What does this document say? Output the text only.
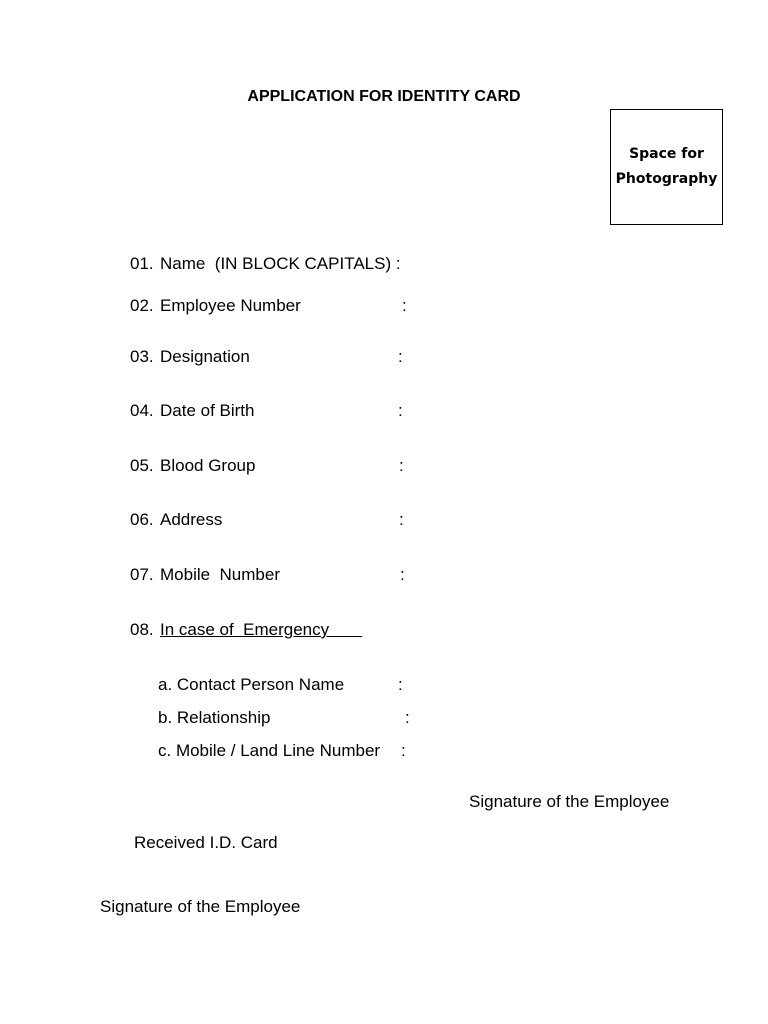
APPLICATION FOR IDENTITY CARD
Space for
Photography
01. Name  (IN BLOCK CAPITALS) :
02. Employee Number	:
03. Designation	:
04. Date of Birth	:
05. Blood Group	:
06. Address	:
07. Mobile  Number	:
08. In case of  Emergency
a. Contact Person Name	:
b. Relationship	:
c. Mobile / Land Line Number :
Signature of the Employee
Received I.D. Card
Signature of the Employee
